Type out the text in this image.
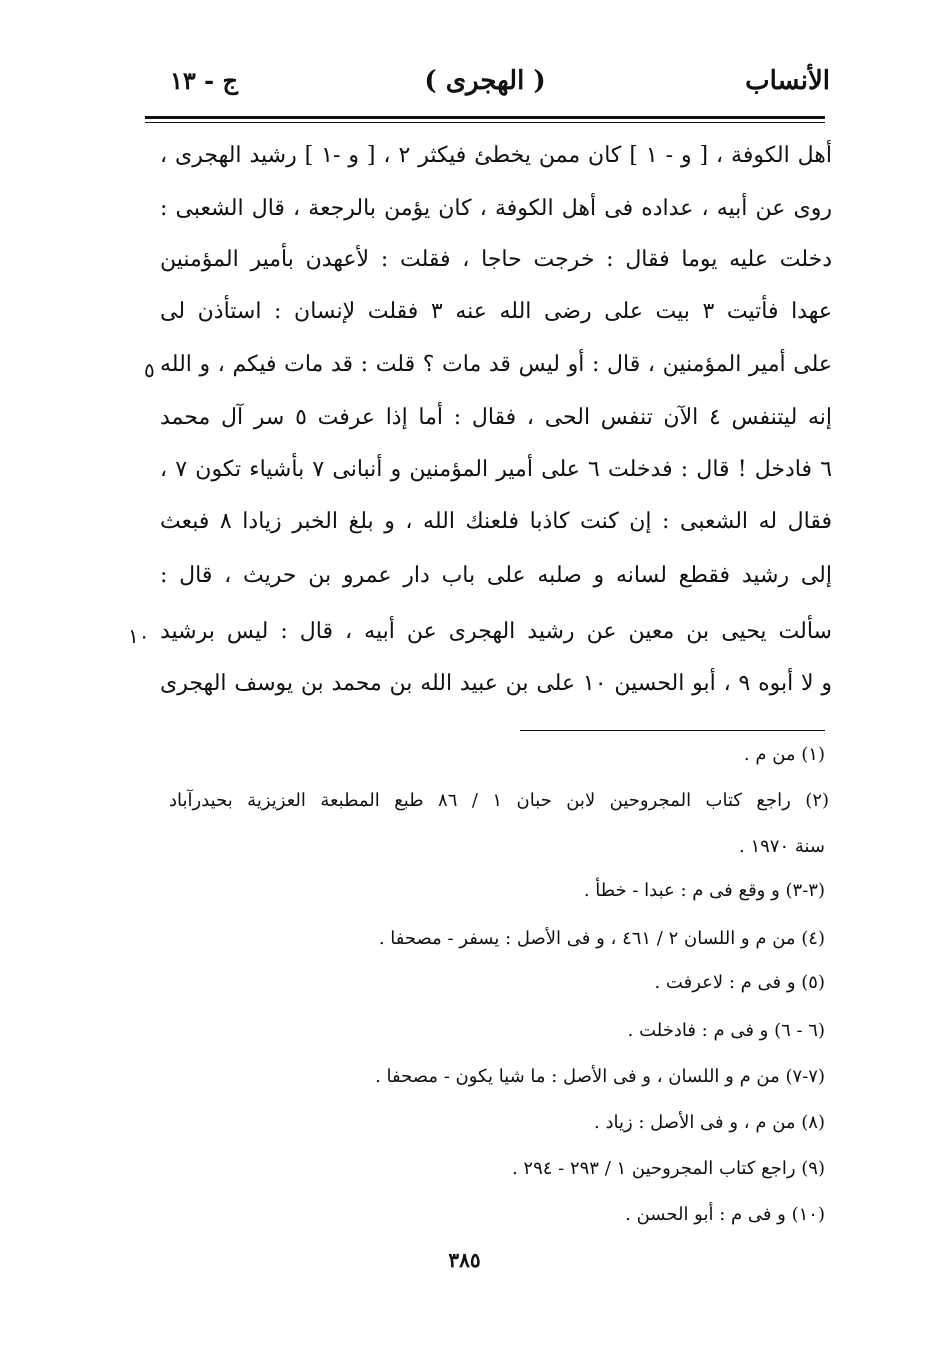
الأنساب
( الهجرى )
ج - ١٣
أهل الكوفة ، [ و - ١ ] كان ممن يخطئ فيكثر ٢ ، [ و -١ ] رشيد الهجرى ،
روى عن أبيه ، عداده فى أهل الكوفة ، كان يؤمن بالرجعة ، قال الشعبى :
دخلت عليه يوما فقال : خرجت حاجا ، فقلت : لأعهدن بأمير المؤمنين
عهدا فأتيت ٣ بيت على رضى الله عنه ٣ فقلت لإنسان : استأذن لى
على أمير المؤمنين ، قال : أو ليس قد مات ؟ قلت : قد مات فيكم ، و الله
إنه ليتنفس ٤ الآن تنفس الحى ، فقال : أما إذا عرفت ٥ سر آل محمد
٦ فادخل ! قال : فدخلت ٦ على أمير المؤمنين و أنبانى ٧ بأشياء تكون ٧ ،
فقال له الشعبى : إن كنت كاذبا فلعنك الله ، و بلغ الخبر زيادا ٨ فبعث
إلى رشيد فقطع لسانه و صلبه على باب دار عمرو بن حريث ، قال :
سألت يحيى بن معين عن رشيد الهجرى عن أبيه ، قال : ليس برشيد
و لا أبوه ٩ ، أبو الحسين ١٠ على بن عبيد الله بن محمد بن يوسف الهجرى
٥
١٠
(١) من م .
(٢) راجع كتاب المجروحين لابن حبان ١ / ٨٦ طبع المطبعة العزيزية بحيدرآباد
سنة ١٩٧٠ .
(٣-٣) و وقع فى م : عبدا - خطأ .
(٤) من م و اللسان ٢ / ٤٦١ ، و فى الأصل : يسفر - مصحفا .
(٥) و فى م : لاعرفت .
(٦ - ٦) و فى م : فادخلت .
(٧-٧) من م و اللسان ، و فى الأصل : ما شيا يكون - مصحفا .
(٨) من م ، و فى الأصل : زياد .
(٩) راجع كتاب المجروحين ١ / ٢٩٣ - ٢٩٤ .
(١٠) و فى م : أبو الحسن .
٣٨٥
